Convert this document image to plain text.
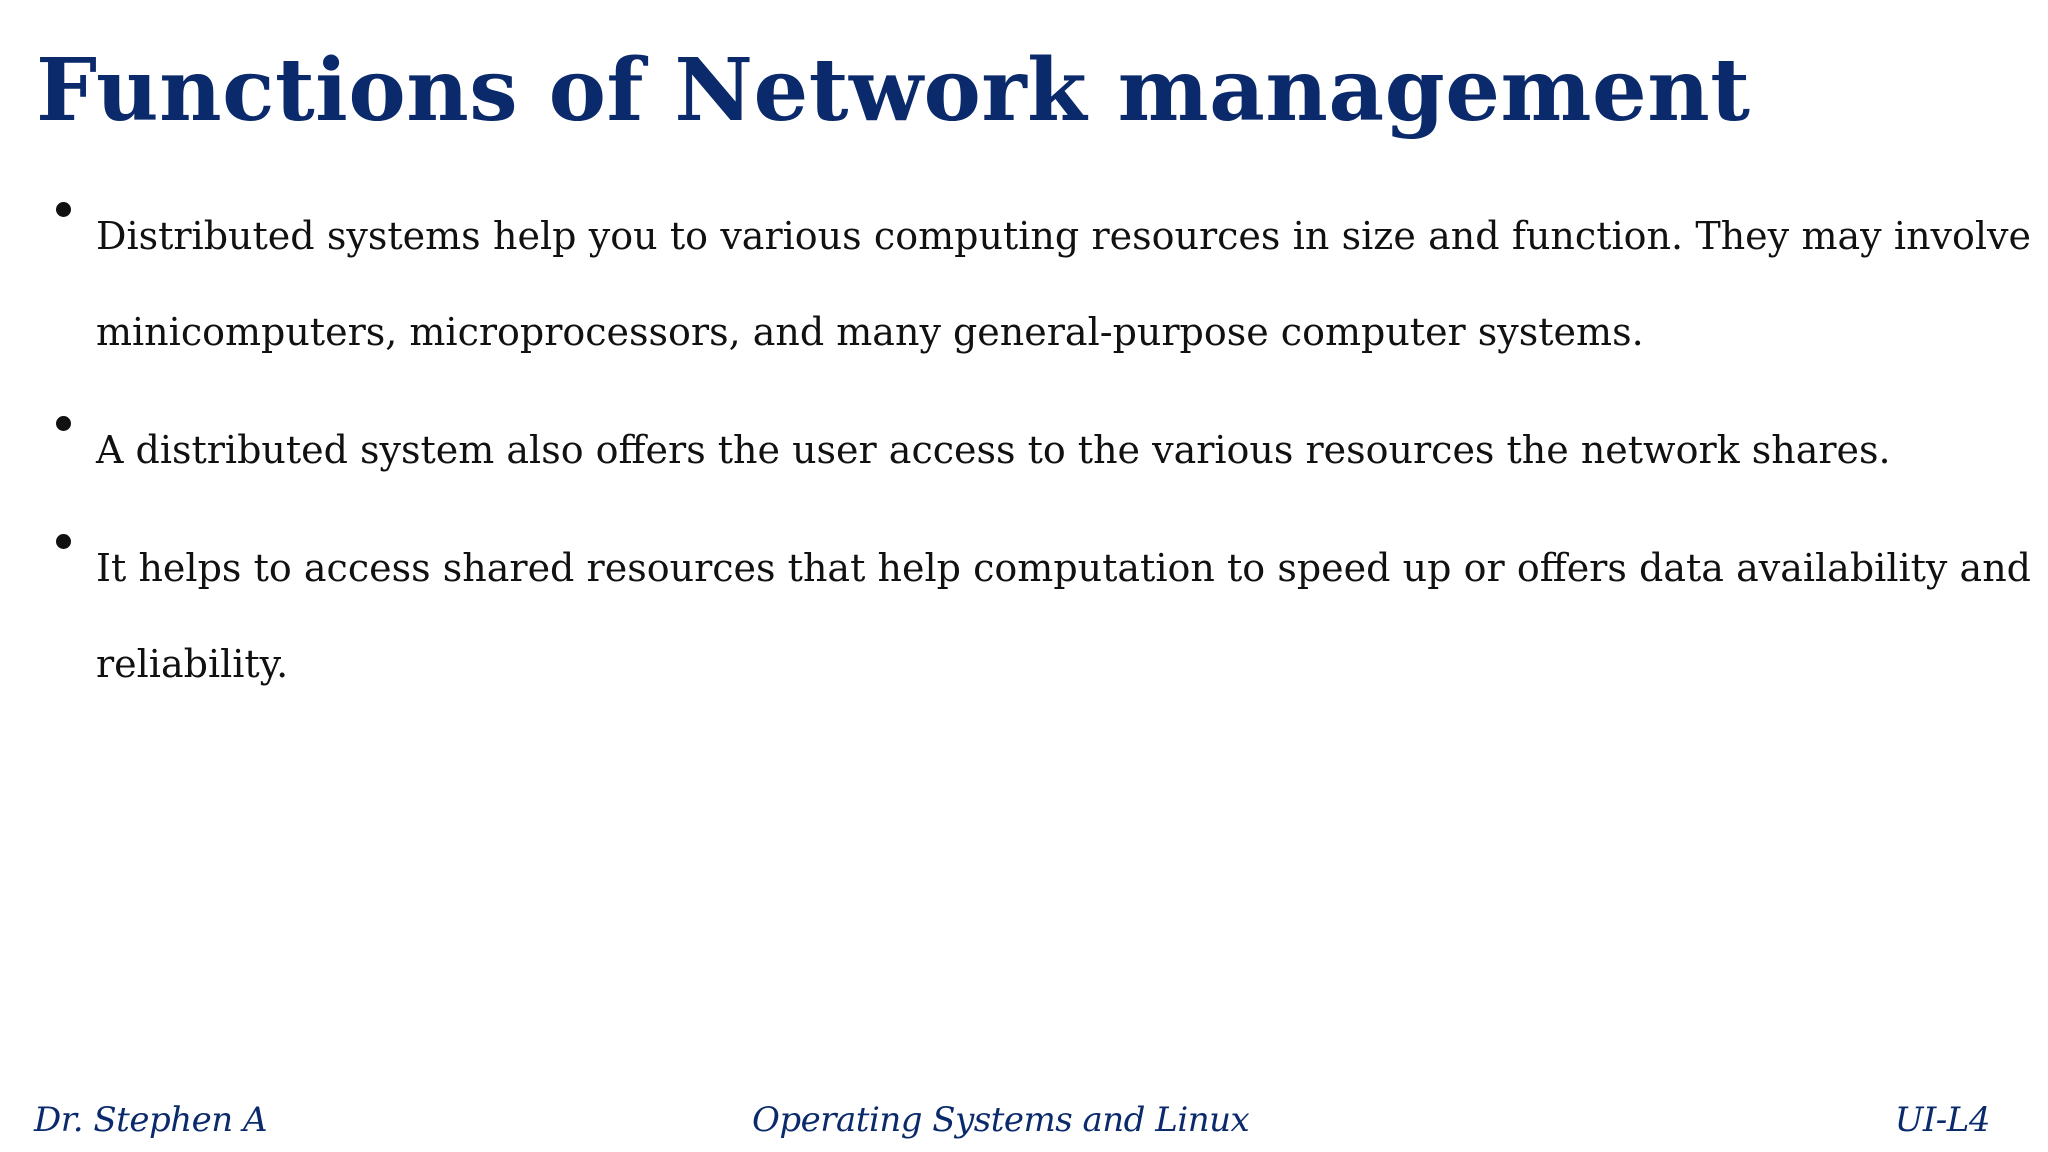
Functions of Network management
Distributed systems help you to various computing resources in size and function. They may involve minicomputers, microprocessors, and many general-purpose computer systems.
A distributed system also offers the user access to the various resources the network shares.
It helps to access shared resources that help computation to speed up or offers data availability and reliability.
Dr. Stephen A	Operating Systems and Linux	UI-L4
